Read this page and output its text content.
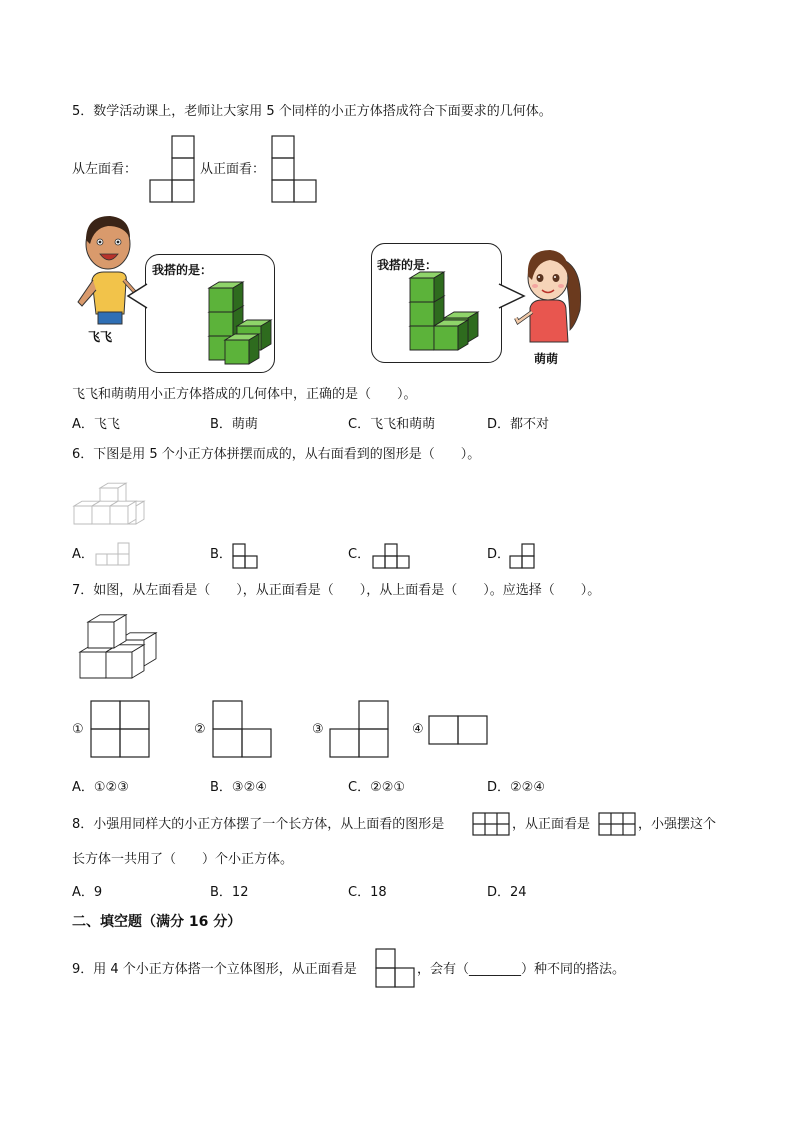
5．数学活动课上，老师让大家用 5 个同样的小正方体搭成符合下面要求的几何体。
从左面看：	从正面看：
飞飞
我搭的是：	我搭的是：
萌萌
飞飞和萌萌用小正方体搭成的几何体中，正确的是（　　）。
A．飞飞	B．萌萌	C．飞飞和萌萌	D．都不对
6．下图是用 5 个小正方体拼摆而成的，从右面看到的图形是（　　）。
A．	B．	C．	D．
7．如图，从左面看是（　　），从正面看是（　　），从上面看是（　　）。应选择（　　）。
①	②	③	④
A．①②③	B．③②④	C．②②①	D．②②④
8．小强用同样大的小正方体摆了一个长方体，从上面看的图形是	，从正面看是	，小强摆这个
长方体一共用了（　　）个小正方体。
A．9	B．12	C．18	D．24
二、填空题（满分 16 分）
9．用 4 个小正方体搭一个立体图形，从正面看是	，会有（________）种不同的搭法。
